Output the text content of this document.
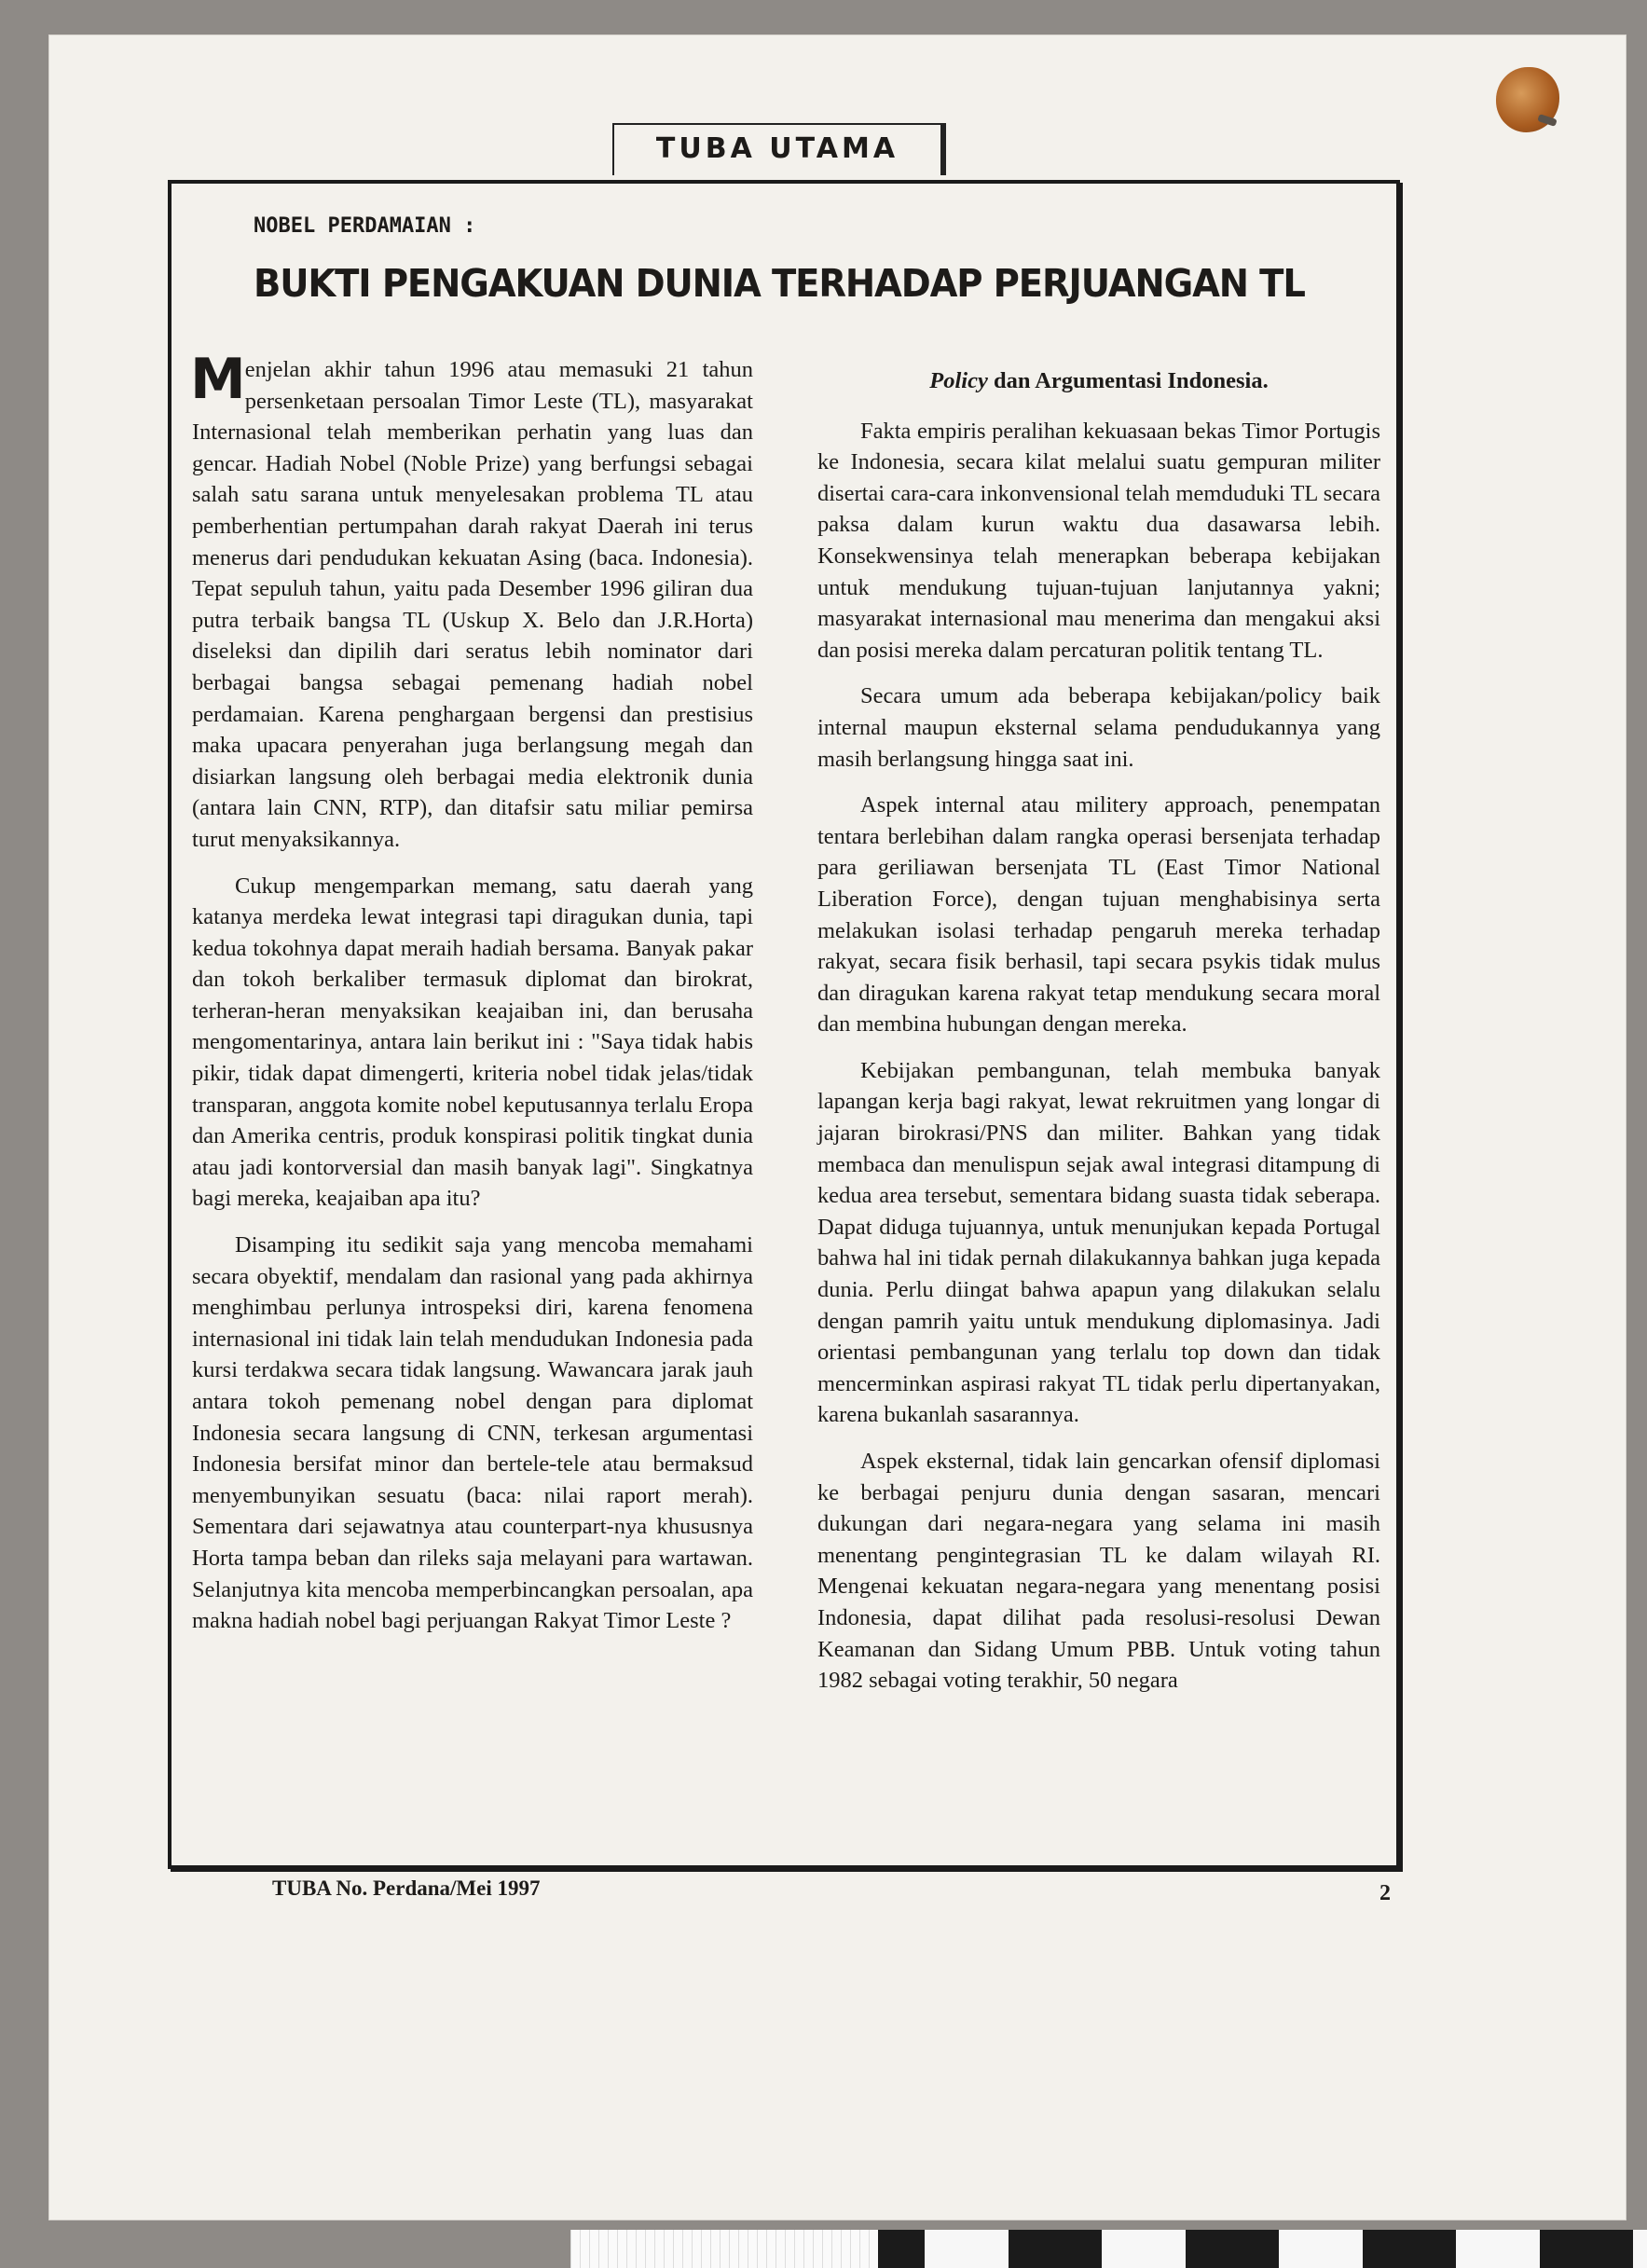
TUBA UTAMA
NOBEL PERDAMAIAN :
BUKTI PENGAKUAN DUNIA TERHADAP PERJUANGAN TL

Menjelan akhir tahun 1996 atau memasuki 21 tahun persenketaan persoalan Timor Leste (TL), masyarakat Internasional telah memberikan perhatin yang luas dan gencar. Hadiah Nobel (Noble Prize) yang berfungsi sebagai salah satu sarana untuk menyelesakan problema TL atau pemberhentian pertumpahan darah rakyat Daerah ini terus menerus dari pendudukan kekuatan Asing (baca. Indonesia). Tepat sepuluh tahun, yaitu pada Desember 1996 giliran dua putra terbaik bangsa TL (Uskup X. Belo dan J.R.Horta) diseleksi dan dipilih dari seratus lebih nominator dari berbagai bangsa sebagai pemenang hadiah nobel perdamaian. Karena penghargaan bergensi dan prestisius maka upacara penyerahan juga berlangsung megah dan disiarkan langsung oleh berbagai media elektronik dunia (antara lain CNN, RTP), dan ditafsir satu miliar pemirsa turut menyaksikannya.

Cukup mengemparkan memang, satu daerah yang katanya merdeka lewat integrasi tapi diragukan dunia, tapi kedua tokohnya dapat meraih hadiah bersama. Banyak pakar dan tokoh berkaliber termasuk diplomat dan birokrat, terheran-heran menyaksikan keajaiban ini, dan berusaha mengomentarinya, antara lain berikut ini : "Saya tidak habis pikir, tidak dapat dimengerti, kriteria nobel tidak jelas/tidak transparan, anggota komite nobel keputusannya terlalu Eropa dan Amerika centris, produk konspirasi politik tingkat dunia atau jadi kontorversial dan masih banyak lagi". Singkatnya bagi mereka, keajaiban apa itu?

Disamping itu sedikit saja yang mencoba memahami secara obyektif, mendalam dan rasional yang pada akhirnya menghimbau perlunya introspeksi diri, karena fenomena internasional ini tidak lain telah mendudukan Indonesia pada kursi terdakwa secara tidak langsung. Wawancara jarak jauh antara tokoh pemenang nobel dengan para diplomat Indonesia secara langsung di CNN, terkesan argumentasi Indonesia bersifat minor dan bertele-tele atau bermaksud menyembunyikan sesuatu (baca: nilai raport merah). Sementara dari sejawatnya atau counterpart-nya khususnya Horta tampa beban dan rileks saja melayani para wartawan. Selanjutnya kita mencoba memperbincangkan persoalan, apa makna hadiah nobel bagi perjuangan Rakyat Timor Leste ?

Policy dan Argumentasi Indonesia.

Fakta empiris peralihan kekuasaan bekas Timor Portugis ke Indonesia, secara kilat melalui suatu gempuran militer disertai cara-cara inkonvensional telah memduduki TL secara paksa dalam kurun waktu dua dasawarsa lebih. Konsekwensinya telah menerapkan beberapa kebijakan untuk mendukung tujuan-tujuan lanjutannya yakni; masyarakat internasional mau menerima dan mengakui aksi dan posisi mereka dalam percaturan politik tentang TL.

Secara umum ada beberapa kebijakan/policy baik internal maupun eksternal selama pendudukannya yang masih berlangsung hingga saat ini.

Aspek internal atau militery approach, penempatan tentara berlebihan dalam rangka operasi bersenjata terhadap para geriliawan bersenjata TL (East Timor National Liberation Force), dengan tujuan menghabisinya serta melakukan isolasi terhadap pengaruh mereka terhadap rakyat, secara fisik berhasil, tapi secara psykis tidak mulus dan diragukan karena rakyat tetap mendukung secara moral dan membina hubungan dengan mereka.

Kebijakan pembangunan, telah membuka banyak lapangan kerja bagi rakyat, lewat rekruitmen yang longar di jajaran birokrasi/PNS dan militer. Bahkan yang tidak membaca dan menulispun sejak awal integrasi ditampung di kedua area tersebut, sementara bidang suasta tidak seberapa. Dapat diduga tujuannya, untuk menunjukan kepada Portugal bahwa hal ini tidak pernah dilakukannya bahkan juga kepada dunia. Perlu diingat bahwa apapun yang dilakukan selalu dengan pamrih yaitu untuk mendukung diplomasinya. Jadi orientasi pembangunan yang terlalu top down dan tidak mencerminkan aspirasi rakyat TL tidak perlu dipertanyakan, karena bukanlah sasarannya.

Aspek eksternal, tidak lain gencarkan ofensif diplomasi ke berbagai penjuru dunia dengan sasaran, mencari dukungan dari negara-negara yang selama ini masih menentang pengintegrasian TL ke dalam wilayah RI. Mengenai kekuatan negara-negara yang menentang posisi Indonesia, dapat dilihat pada resolusi-resolusi Dewan Keamanan dan Sidang Umum PBB. Untuk voting tahun 1982 sebagai voting terakhir, 50 negara

TUBA No. Perdana/Mei 1997	2
